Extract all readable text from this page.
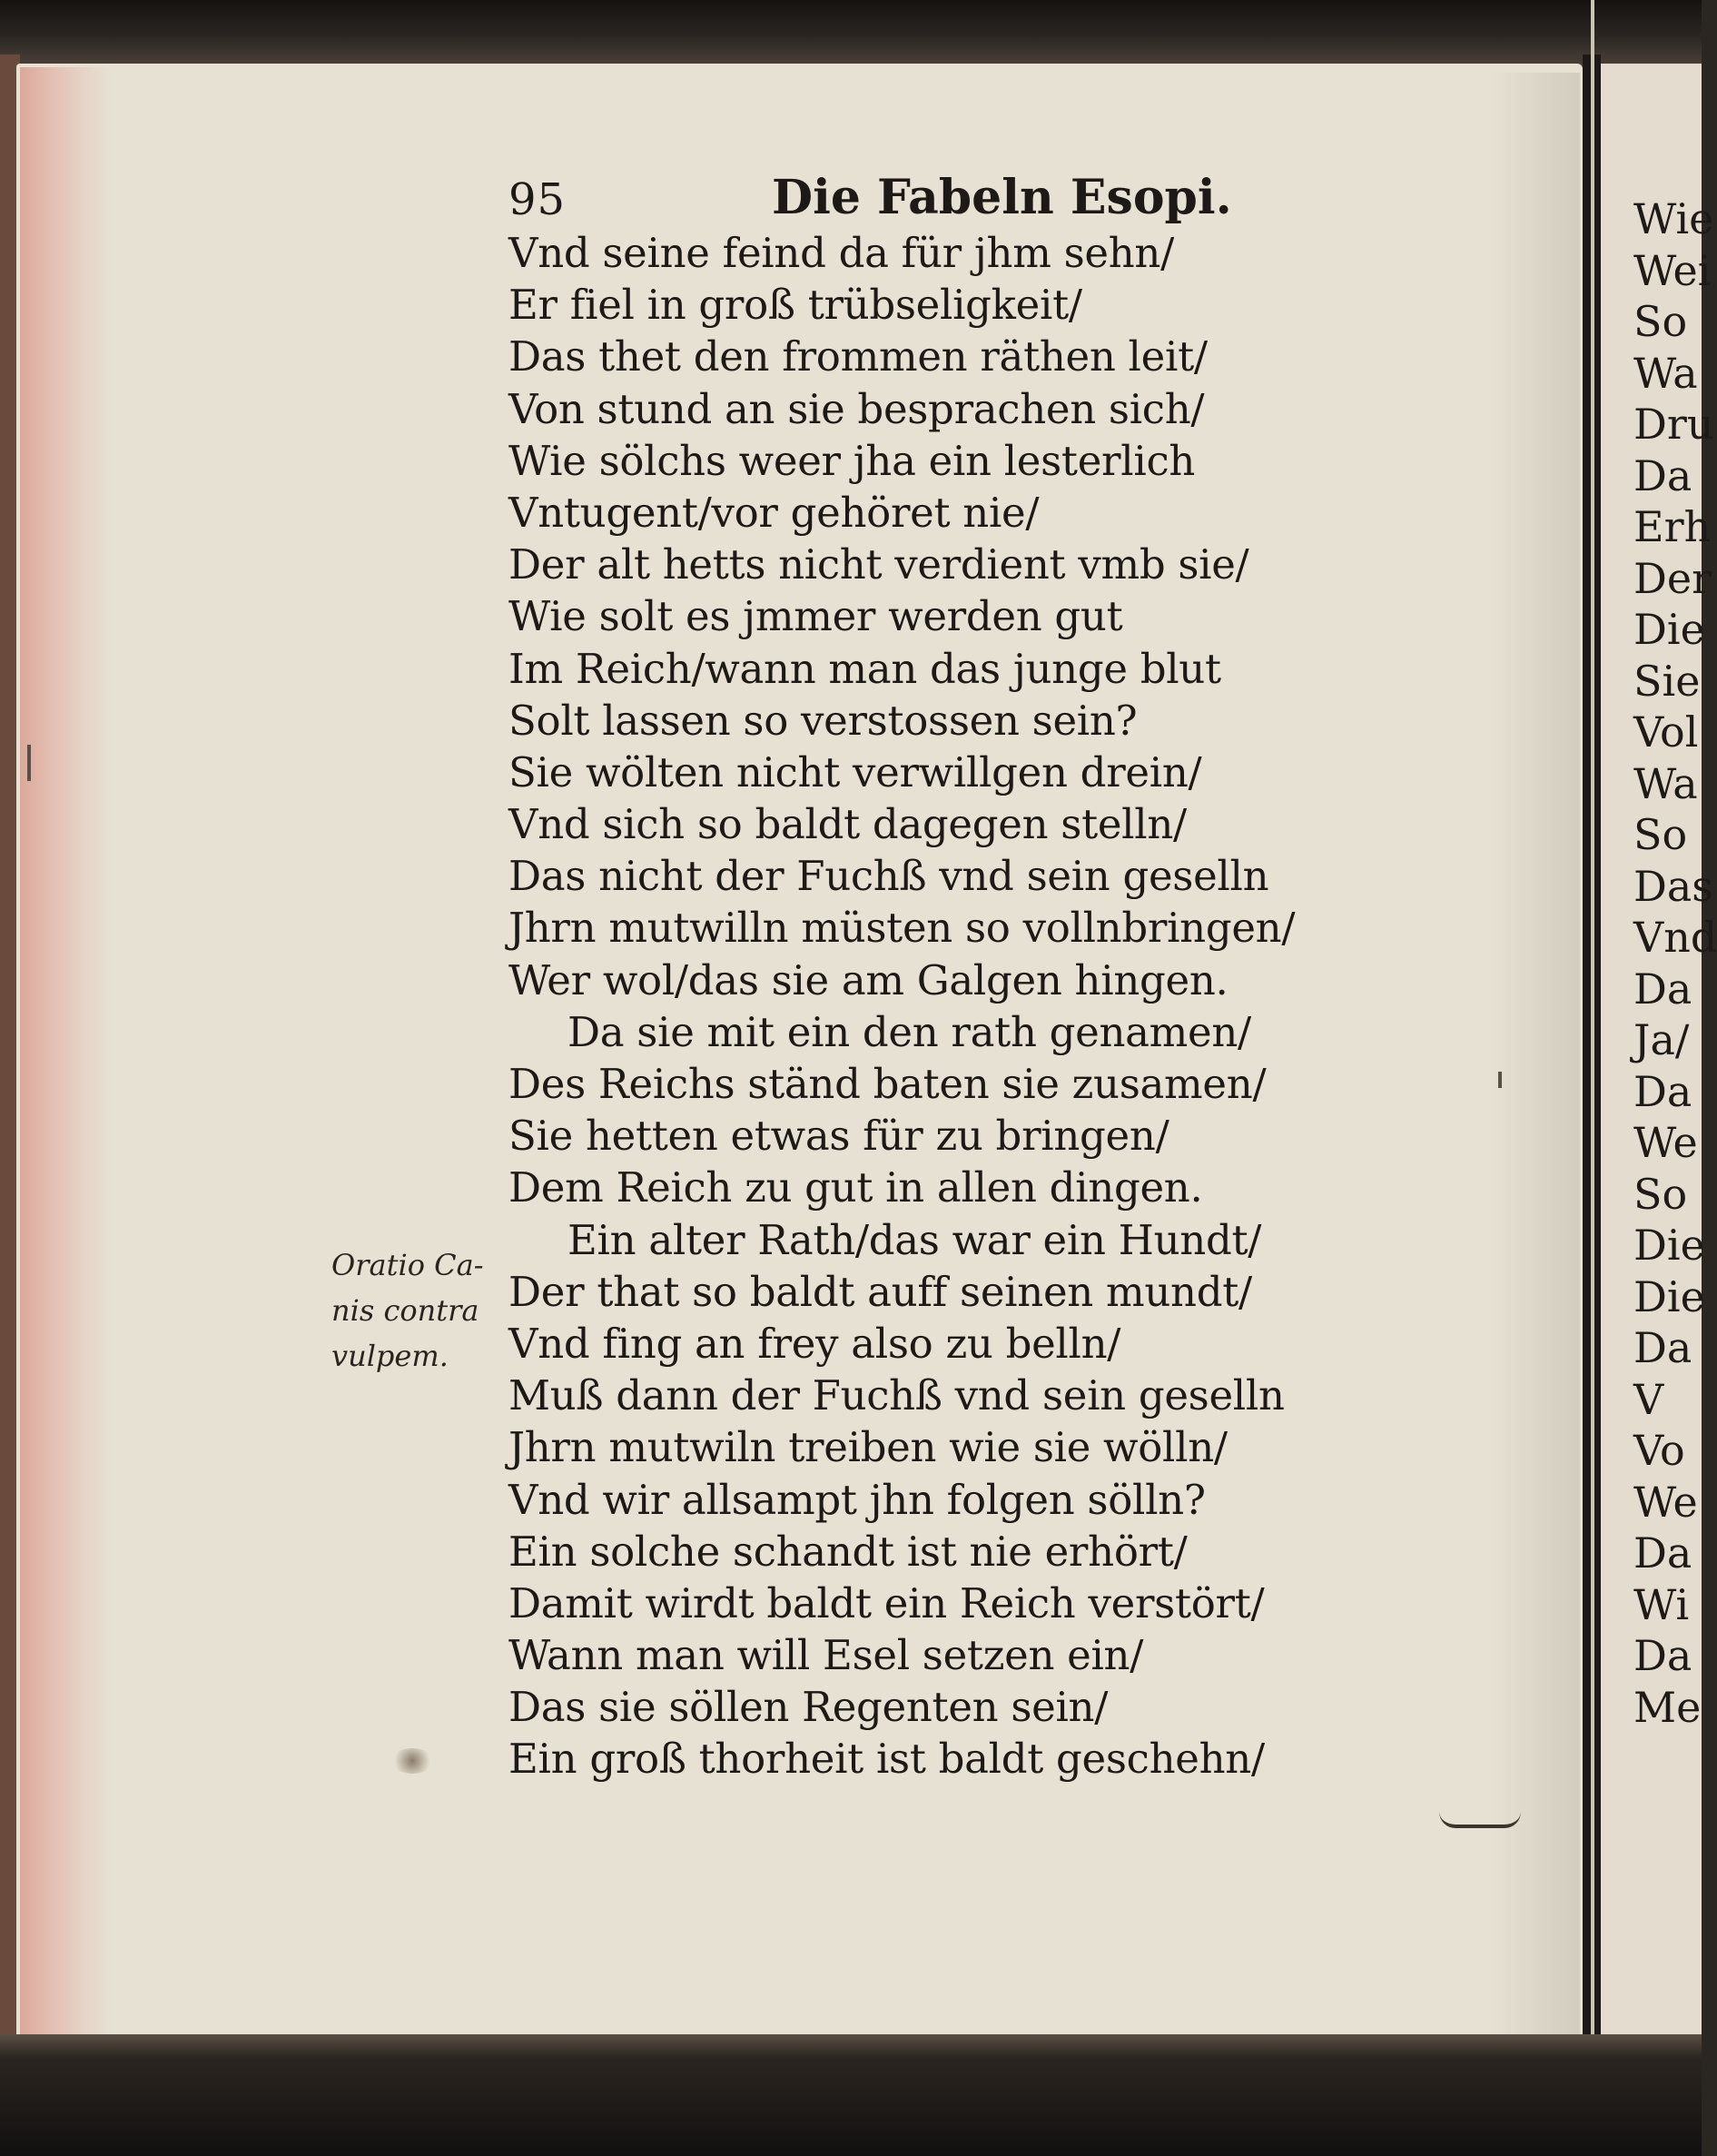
Wie
Wei
So
Wa
Dru
Da
Erh
Der
Die
Sie
Vol
Wa
So
Das
Vnd
Da
Ja/
Da
We
So
Die
Die
Da
V
Vo
We
Da
Wi
Da
Me
95	Die Fabeln Esopi.
Vnd seine feind da für jhm sehn/
Er fiel in groß trübseligkeit/
Das thet den frommen räthen leit/
Von stund an sie besprachen sich/
Wie sölchs weer jha ein lesterlich
Vntugent/vor gehöret nie/
Der alt hetts nicht verdient vmb sie/
Wie solt es jmmer werden gut
Im Reich/wann man das junge blut
Solt lassen so verstossen sein?
Sie wölten nicht verwillgen drein/
Vnd sich so baldt dagegen stelln/
Das nicht der Fuchß vnd sein geselln
Jhrn mutwilln müsten so vollnbringen/
Wer wol/das sie am Galgen hingen.
Da sie mit ein den rath genamen/
Des Reichs ständ baten sie zusamen/
Sie hetten etwas für zu bringen/
Dem Reich zu gut in allen dingen.
Ein alter Rath/das war ein Hundt/
Der that so baldt auff seinen mundt/
Vnd fing an frey also zu belln/
Muß dann der Fuchß vnd sein geselln
Jhrn mutwiln treiben wie sie wölln/
Vnd wir allsampt jhn folgen sölln?
Ein solche schandt ist nie erhört/
Damit wirdt baldt ein Reich verstört/
Wann man will Esel setzen ein/
Das sie söllen Regenten sein/
Ein groß thorheit ist baldt geschehn/
Oratio Ca-
nis contra
vulpem.
